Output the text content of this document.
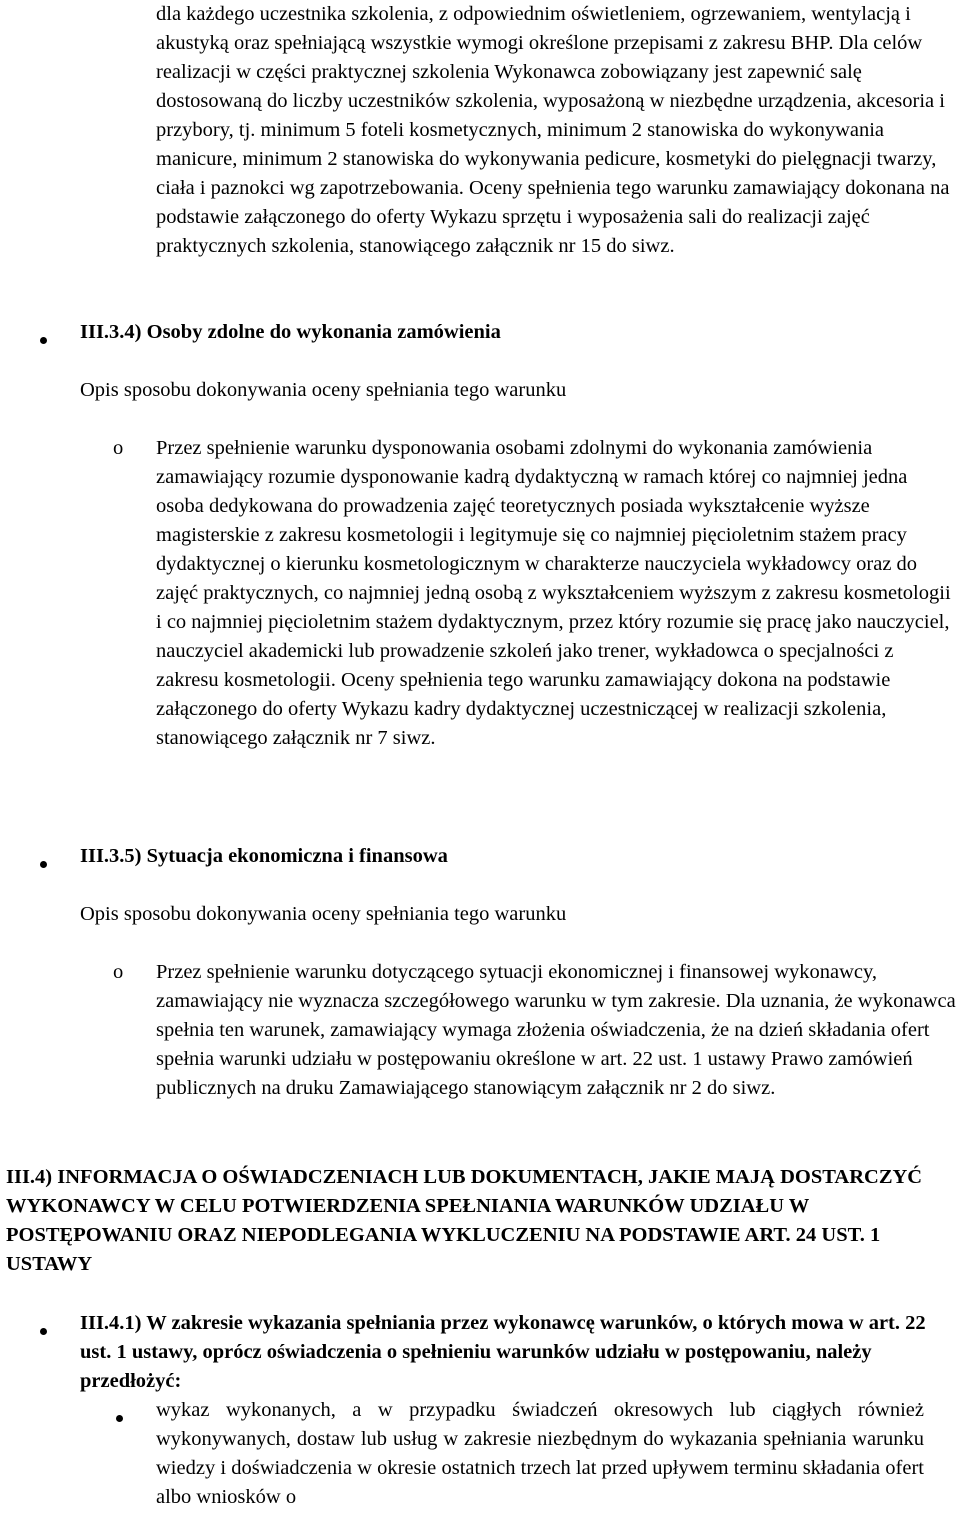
dla każdego uczestnika szkolenia, z odpowiednim oświetleniem, ogrzewaniem, wentylacją i akustyką oraz spełniającą wszystkie wymogi określone przepisami z zakresu BHP. Dla celów realizacji w części praktycznej szkolenia Wykonawca zobowiązany jest zapewnić salę dostosowaną do liczby uczestników szkolenia, wyposażoną w niezbędne urządzenia, akcesoria i przybory, tj. minimum 5 foteli kosmetycznych, minimum 2 stanowiska do wykonywania manicure, minimum 2 stanowiska do wykonywania pedicure, kosmetyki do pielęgnacji twarzy, ciała i paznokci wg zapotrzebowania. Oceny spełnienia tego warunku zamawiający dokonana na podstawie załączonego do oferty Wykazu sprzętu i wyposażenia sali do realizacji zajęć praktycznych szkolenia, stanowiącego załącznik nr 15 do siwz.

III.3.4) Osoby zdolne do wykonania zamówienia

Opis sposobu dokonywania oceny spełniania tego warunku

o Przez spełnienie warunku dysponowania osobami zdolnymi do wykonania zamówienia zamawiający rozumie dysponowanie kadrą dydaktyczną w ramach której co najmniej jedna osoba dedykowana do prowadzenia zajęć teoretycznych posiada wykształcenie wyższe magisterskie z zakresu kosmetologii i legitymuje się co najmniej pięcioletnim stażem pracy dydaktycznej o kierunku kosmetologicznym w charakterze nauczyciela wykładowcy oraz do zajęć praktycznych, co najmniej jedną osobą z wykształceniem wyższym z zakresu kosmetologii i co najmniej pięcioletnim stażem dydaktycznym, przez który rozumie się pracę jako nauczyciel, nauczyciel akademicki lub prowadzenie szkoleń jako trener, wykładowca o specjalności z zakresu kosmetologii. Oceny spełnienia tego warunku zamawiający dokona na podstawie załączonego do oferty Wykazu kadry dydaktycznej uczestniczącej w realizacji szkolenia, stanowiącego załącznik nr 7 siwz.

III.3.5) Sytuacja ekonomiczna i finansowa

Opis sposobu dokonywania oceny spełniania tego warunku

o Przez spełnienie warunku dotyczącego sytuacji ekonomicznej i finansowej wykonawcy, zamawiający nie wyznacza szczegółowego warunku w tym zakresie. Dla uznania, że wykonawca spełnia ten warunek, zamawiający wymaga złożenia oświadczenia, że na dzień składania ofert spełnia warunki udziału w postępowaniu określone w art. 22 ust. 1 ustawy Prawo zamówień publicznych na druku Zamawiającego stanowiącym załącznik nr 2 do siwz.

III.4) INFORMACJA O OŚWIADCZENIACH LUB DOKUMENTACH, JAKIE MAJĄ DOSTARCZYĆ WYKONAWCY W CELU POTWIERDZENIA SPEŁNIANIA WARUNKÓW UDZIAŁU W POSTĘPOWANIU ORAZ NIEPODLEGANIA WYKLUCZENIU NA PODSTAWIE ART. 24 UST. 1 USTAWY

III.4.1) W zakresie wykazania spełniania przez wykonawcę warunków, o których mowa w art. 22 ust. 1 ustawy, oprócz oświadczenia o spełnieniu warunków udziału w postępowaniu, należy przedłożyć:

wykaz wykonanych, a w przypadku świadczeń okresowych lub ciągłych również wykonywanych, dostaw lub usług w zakresie niezbędnym do wykazania spełniania warunku wiedzy i doświadczenia w okresie ostatnich trzech lat przed upływem terminu składania ofert albo wniosków o
